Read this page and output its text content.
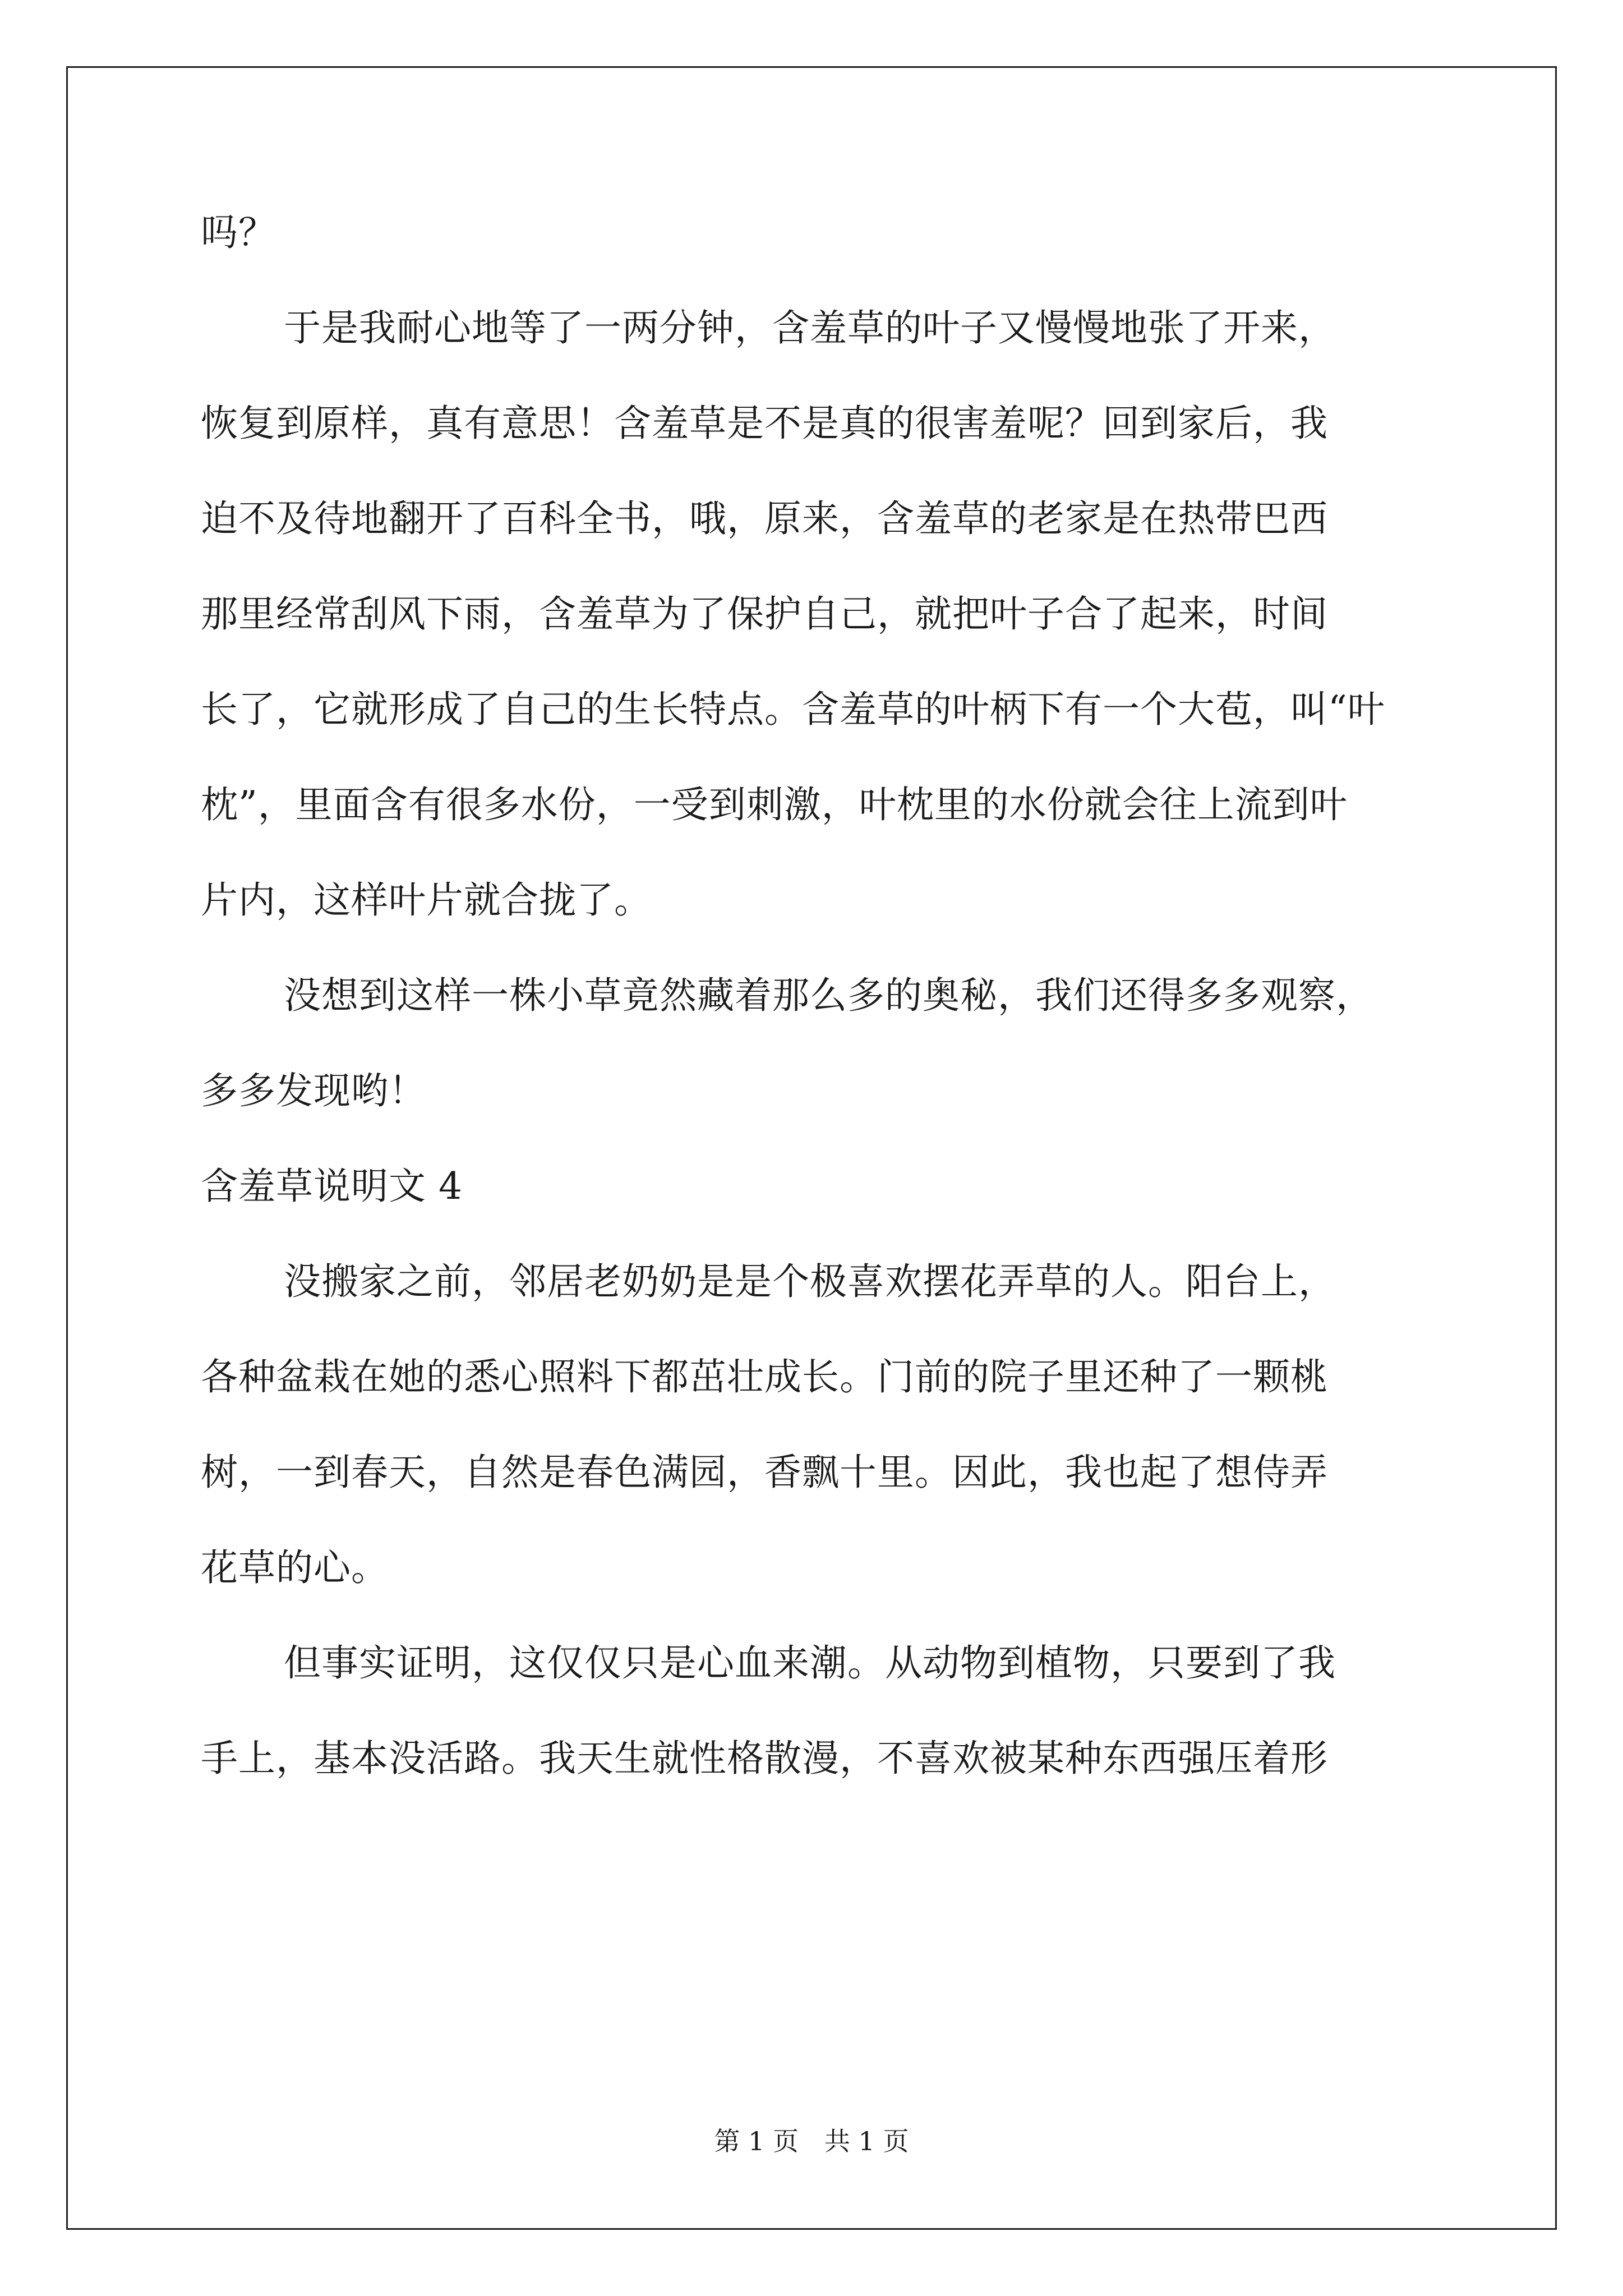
吗？
于是我耐心地等了一两分钟，含羞草的叶子又慢慢地张了开来，
恢复到原样，真有意思！含羞草是不是真的很害羞呢？回到家后，我
迫不及待地翻开了百科全书，哦，原来，含羞草的老家是在热带巴西
那里经常刮风下雨，含羞草为了保护自己，就把叶子合了起来，时间
长了，它就形成了自己的生长特点。含羞草的叶柄下有一个大苞，叫“叶
枕”，里面含有很多水份，一受到刺激，叶枕里的水份就会往上流到叶
片内，这样叶片就合拢了。
没想到这样一株小草竟然藏着那么多的奥秘，我们还得多多观察，
多多发现哟！
含羞草说明文 4
没搬家之前，邻居老奶奶是是个极喜欢摆花弄草的人。阳台上，
各种盆栽在她的悉心照料下都茁壮成长。门前的院子里还种了一颗桃
树，一到春天，自然是春色满园，香飘十里。因此，我也起了想侍弄
花草的心。
但事实证明，这仅仅只是心血来潮。从动物到植物，只要到了我
手上，基本没活路。我天生就性格散漫，不喜欢被某种东西强压着形
第 1 页　共 1 页
